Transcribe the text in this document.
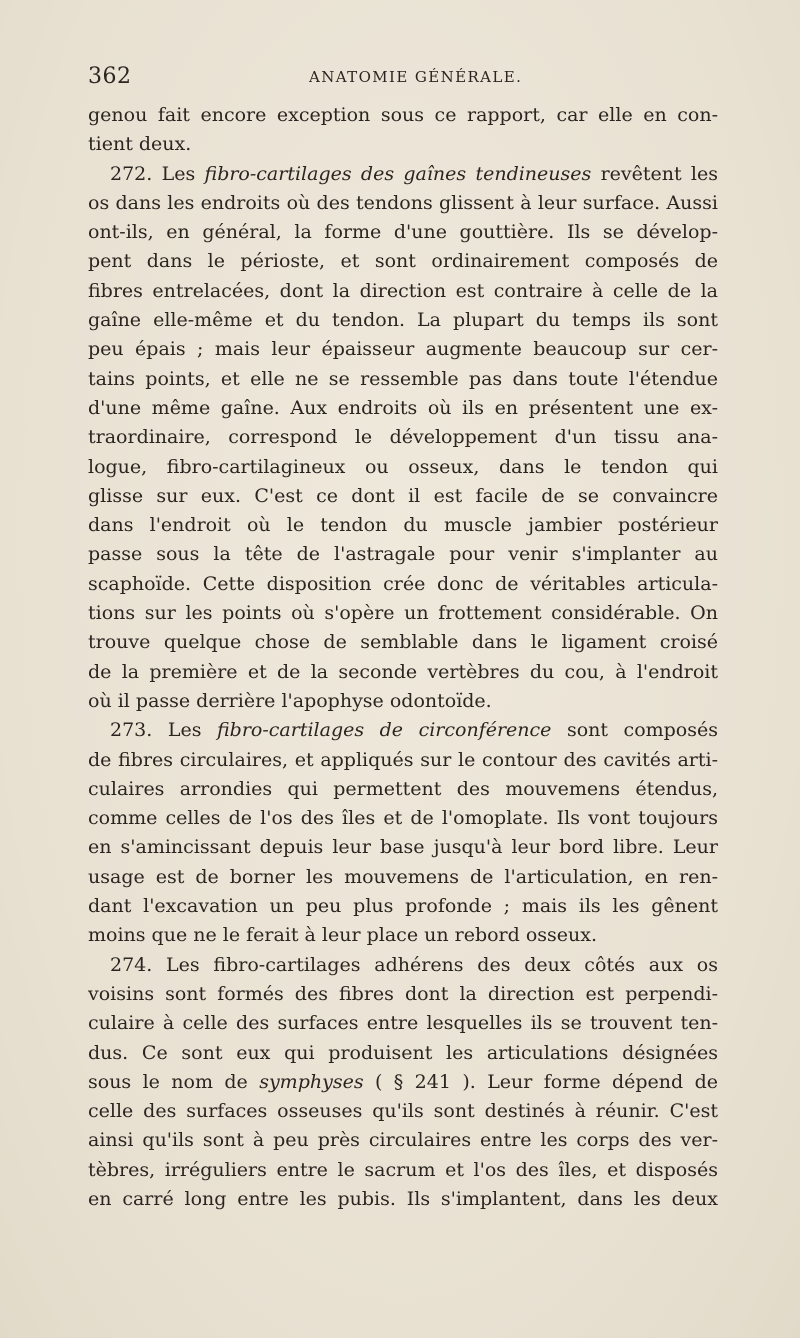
362	ANATOMIE GÉNÉRALE.
genou fait encore exception sous ce rapport, car elle en con-
tient deux.
272. Les fibro-cartilages des gaînes tendineuses revêtent les
os dans les endroits où des tendons glissent à leur surface. Aussi
ont-ils, en général, la forme d'une gouttière. Ils se dévelop-
pent dans le périoste, et sont ordinairement composés de
fibres entrelacées, dont la direction est contraire à celle de la
gaîne elle-même et du tendon. La plupart du temps ils sont
peu épais ; mais leur épaisseur augmente beaucoup sur cer-
tains points, et elle ne se ressemble pas dans toute l'étendue
d'une même gaîne. Aux endroits où ils en présentent une ex-
traordinaire, correspond le développement d'un tissu ana-
logue, fibro-cartilagineux ou osseux, dans le tendon qui
glisse sur eux. C'est ce dont il est facile de se convaincre
dans l'endroit où le tendon du muscle jambier postérieur
passe sous la tête de l'astragale pour venir s'implanter au
scaphoïde. Cette disposition crée donc de véritables articula-
tions sur les points où s'opère un frottement considérable. On
trouve quelque chose de semblable dans le ligament croisé
de la première et de la seconde vertèbres du cou, à l'endroit
où il passe derrière l'apophyse odontoïde.
273. Les fibro-cartilages de circonférence sont composés
de fibres circulaires, et appliqués sur le contour des cavités arti-
culaires arrondies qui permettent des mouvemens étendus,
comme celles de l'os des îles et de l'omoplate. Ils vont toujours
en s'amincissant depuis leur base jusqu'à leur bord libre. Leur
usage est de borner les mouvemens de l'articulation, en ren-
dant l'excavation un peu plus profonde ; mais ils les gênent
moins que ne le ferait à leur place un rebord osseux.
274. Les fibro-cartilages adhérens des deux côtés aux os
voisins sont formés des fibres dont la direction est perpendi-
culaire à celle des surfaces entre lesquelles ils se trouvent ten-
dus. Ce sont eux qui produisent les articulations désignées
sous le nom de symphyses ( § 241 ). Leur forme dépend de
celle des surfaces osseuses qu'ils sont destinés à réunir. C'est
ainsi qu'ils sont à peu près circulaires entre les corps des ver-
tèbres, irréguliers entre le sacrum et l'os des îles, et disposés
en carré long entre les pubis. Ils s'implantent, dans les deux
